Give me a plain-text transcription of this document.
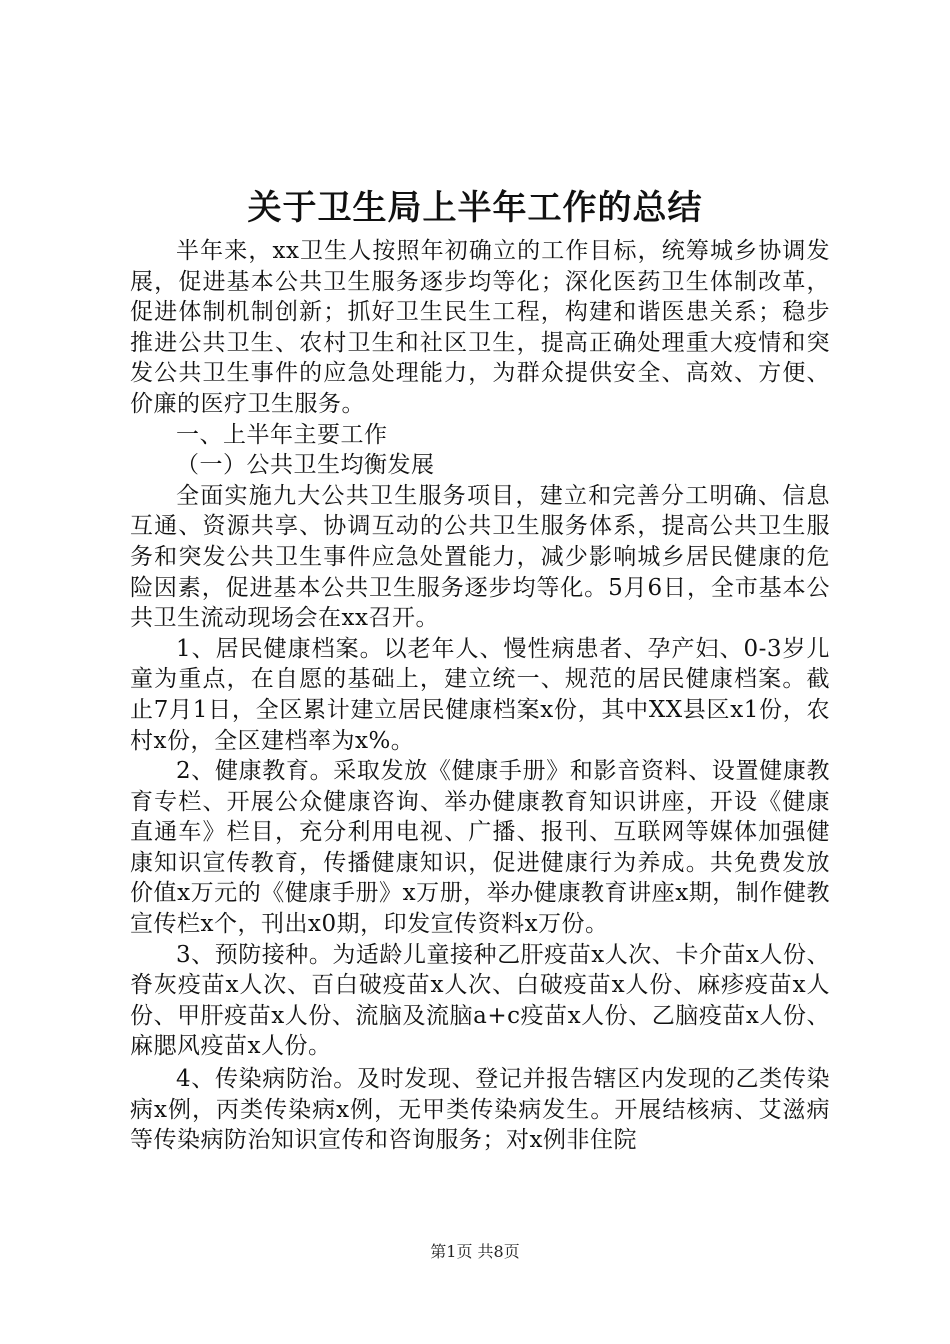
关于卫生局上半年工作的总结

半年来，xx卫生人按照年初确立的工作目标，统筹城乡协调发展，促进基本公共卫生服务逐步均等化；深化医药卫生体制改革，促进体制机制创新；抓好卫生民生工程，构建和谐医患关系；稳步推进公共卫生、农村卫生和社区卫生，提高正确处理重大疫情和突发公共卫生事件的应急处理能力，为群众提供安全、高效、方便、价廉的医疗卫生服务。

一、上半年主要工作

（一）公共卫生均衡发展

全面实施九大公共卫生服务项目，建立和完善分工明确、信息互通、资源共享、协调互动的公共卫生服务体系，提高公共卫生服务和突发公共卫生事件应急处置能力，减少影响城乡居民健康的危险因素，促进基本公共卫生服务逐步均等化。5月6日，全市基本公共卫生流动现场会在xx召开。

1、居民健康档案。以老年人、慢性病患者、孕产妇、0-3岁儿童为重点，在自愿的基础上，建立统一、规范的居民健康档案。截止7月1日，全区累计建立居民健康档案x份，其中XX县区x1份，农村x份，全区建档率为x%。

2、健康教育。采取发放《健康手册》和影音资料、设置健康教育专栏、开展公众健康咨询、举办健康教育知识讲座，开设《健康直通车》栏目，充分利用电视、广播、报刊、互联网等媒体加强健康知识宣传教育，传播健康知识，促进健康行为养成。共免费发放价值x万元的《健康手册》x万册，举办健康教育讲座x期，制作健教宣传栏x个，刊出x0期，印发宣传资料x万份。

3、预防接种。为适龄儿童接种乙肝疫苗x人次、卡介苗x人份、脊灰疫苗x人次、百白破疫苗x人次、白破疫苗x人份、麻疹疫苗x人份、甲肝疫苗x人份、流脑及流脑a+c疫苗x人份、乙脑疫苗x人份、麻腮风疫苗x人份。

4、传染病防治。及时发现、登记并报告辖区内发现的乙类传染病x例，丙类传染病x例，无甲类传染病发生。开展结核病、艾滋病等传染病防治知识宣传和咨询服务；对x例非住院

第1页 共8页
